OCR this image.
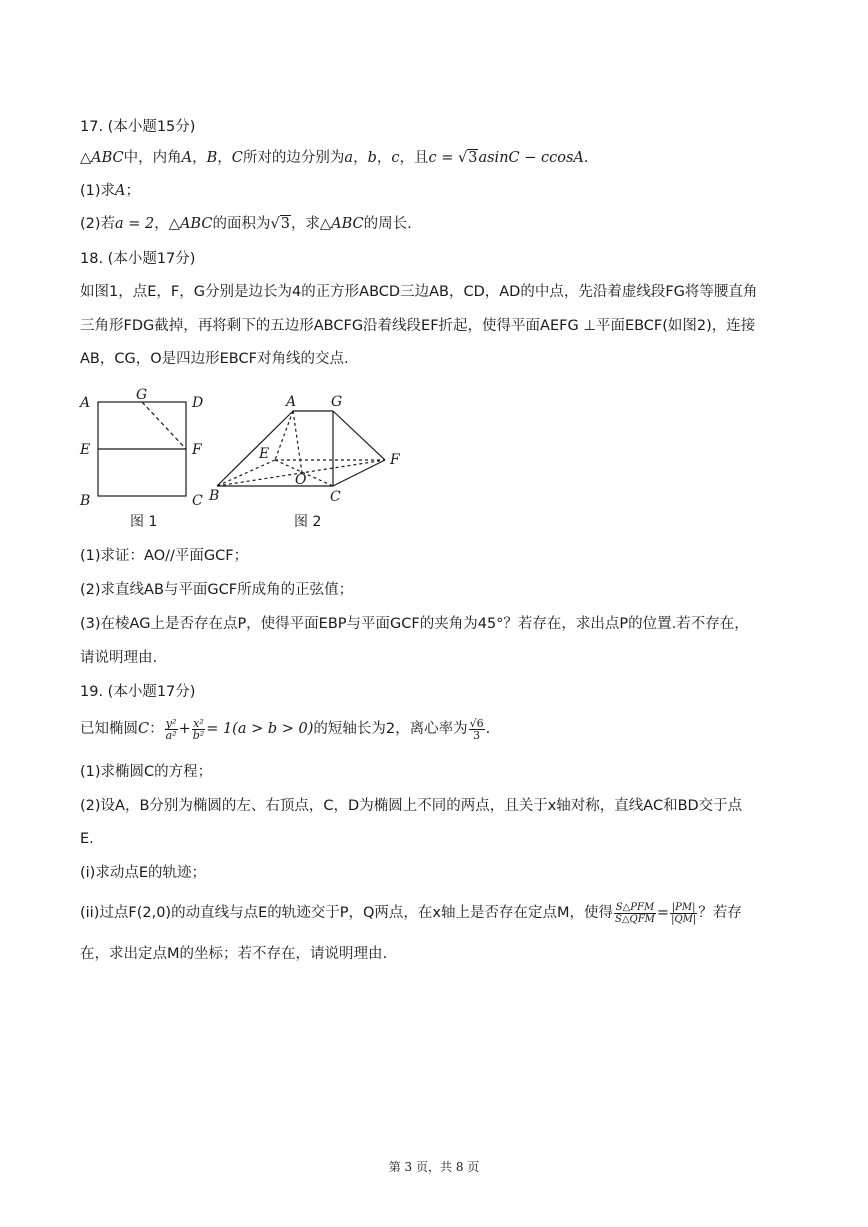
17. (本小题15分)
△ABC中，内角A，B，C所对的边分别为a，b，c，且c = √3asinC − ccosA.
(1)求A；
(2)若a = 2，△ABC的面积为√3，求△ABC的周长.
18. (本小题17分)
如图1，点E，F，G分别是边长为4的正方形ABCD三边AB，CD，AD的中点，先沿着虚线段FG将等腰直角
三角形FDG截掉，再将剩下的五边形ABCFG沿着线段EF折起，使得平面AEFG ⊥平面EBCF(如图2)，连接
AB，CG，O是四边形EBCF对角线的交点.
A	G	D
E	F
B	C
图 1
A G
E	F
O
B	C
图 2
(1)求证：AO//平面GCF；
(2)求直线AB与平面GCF所成角的正弦值；
(3)在棱AG上是否存在点P，使得平面EBP与平面GCF的夹角为45°？若存在，求出点P的位置.若不存在，
请说明理由.
19. (本小题17分)
已知椭圆C： $\frac{\text{y²}}{\text{a²}} + \frac{\text{x²}}{\text{b²}} = 1(a > b > 0)$的短轴长为2，离心率为 $\frac{√6}{3}$ .
(1)求椭圆C的方程；
(2)设A，B分别为椭圆的左、右顶点，C，D为椭圆上不同的两点，且关于x轴对称，直线AC和BD交于点
E.
(i)求动点E的轨迹；
(ii)过点F(2,0)的动直线与点E的轨迹交于P，Q两点，在x轴上是否存在定点M，使得 $\frac{\text{S△PFM}}{\text{S△QFM}} = \frac{|PM|}{|QM|}$ ？若存
在，求出定点M的坐标；若不存在，请说明理由.
第 3 页，共 8 页
